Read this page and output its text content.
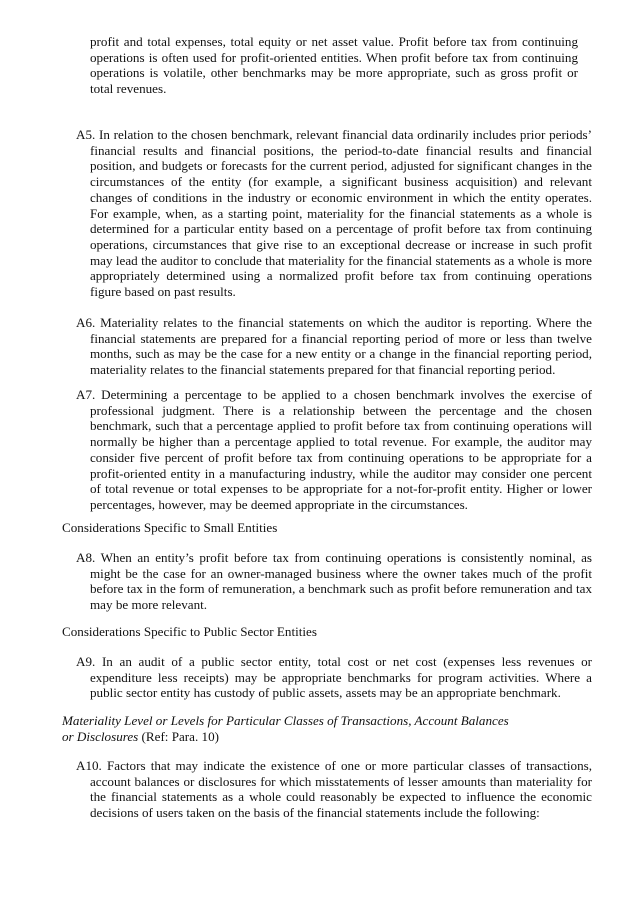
profit and total expenses, total equity or net asset value. Profit before tax from continuing operations is often used for profit-oriented entities. When profit before tax from continuing operations is volatile, other benchmarks may be more appropriate, such as gross profit or total revenues.

A5. In relation to the chosen benchmark, relevant financial data ordinarily includes prior periods’ financial results and financial positions, the period-to-date financial results and financial position, and budgets or forecasts for the current period, adjusted for significant changes in the circumstances of the entity (for example, a significant business acquisition) and relevant changes of conditions in the industry or economic environment in which the entity operates. For example, when, as a starting point, materiality for the financial statements as a whole is determined for a particular entity based on a percentage of profit before tax from continuing operations, circumstances that give rise to an exceptional decrease or increase in such profit may lead the auditor to conclude that materiality for the financial statements as a whole is more appropriately determined using a normalized profit before tax from continuing operations figure based on past results.

A6. Materiality relates to the financial statements on which the auditor is reporting. Where the financial statements are prepared for a financial reporting period of more or less than twelve months, such as may be the case for a new entity or a change in the financial reporting period, materiality relates to the financial statements prepared for that financial reporting period.

A7. Determining a percentage to be applied to a chosen benchmark involves the exercise of professional judgment. There is a relationship between the percentage and the chosen benchmark, such that a percentage applied to profit before tax from continuing operations will normally be higher than a percentage applied to total revenue. For example, the auditor may consider five percent of profit before tax from continuing operations to be appropriate for a profit-oriented entity in a manufacturing industry, while the auditor may consider one percent of total revenue or total expenses to be appropriate for a not-for-profit entity. Higher or lower percentages, however, may be deemed appropriate in the circumstances.

Considerations Specific to Small Entities

A8. When an entity’s profit before tax from continuing operations is consistently nominal, as might be the case for an owner-managed business where the owner takes much of the profit before tax in the form of remuneration, a benchmark such as profit before remuneration and tax may be more relevant.

Considerations Specific to Public Sector Entities

A9. In an audit of a public sector entity, total cost or net cost (expenses less revenues or expenditure less receipts) may be appropriate benchmarks for program activities. Where a public sector entity has custody of public assets, assets may be an appropriate benchmark.

Materiality Level or Levels for Particular Classes of Transactions, Account Balances
or Disclosures (Ref: Para. 10)

A10. Factors that may indicate the existence of one or more particular classes of transactions, account balances or disclosures for which misstatements of lesser amounts than materiality for the financial statements as a whole could reasonably be expected to influence the economic decisions of users taken on the basis of the financial statements include the following:
